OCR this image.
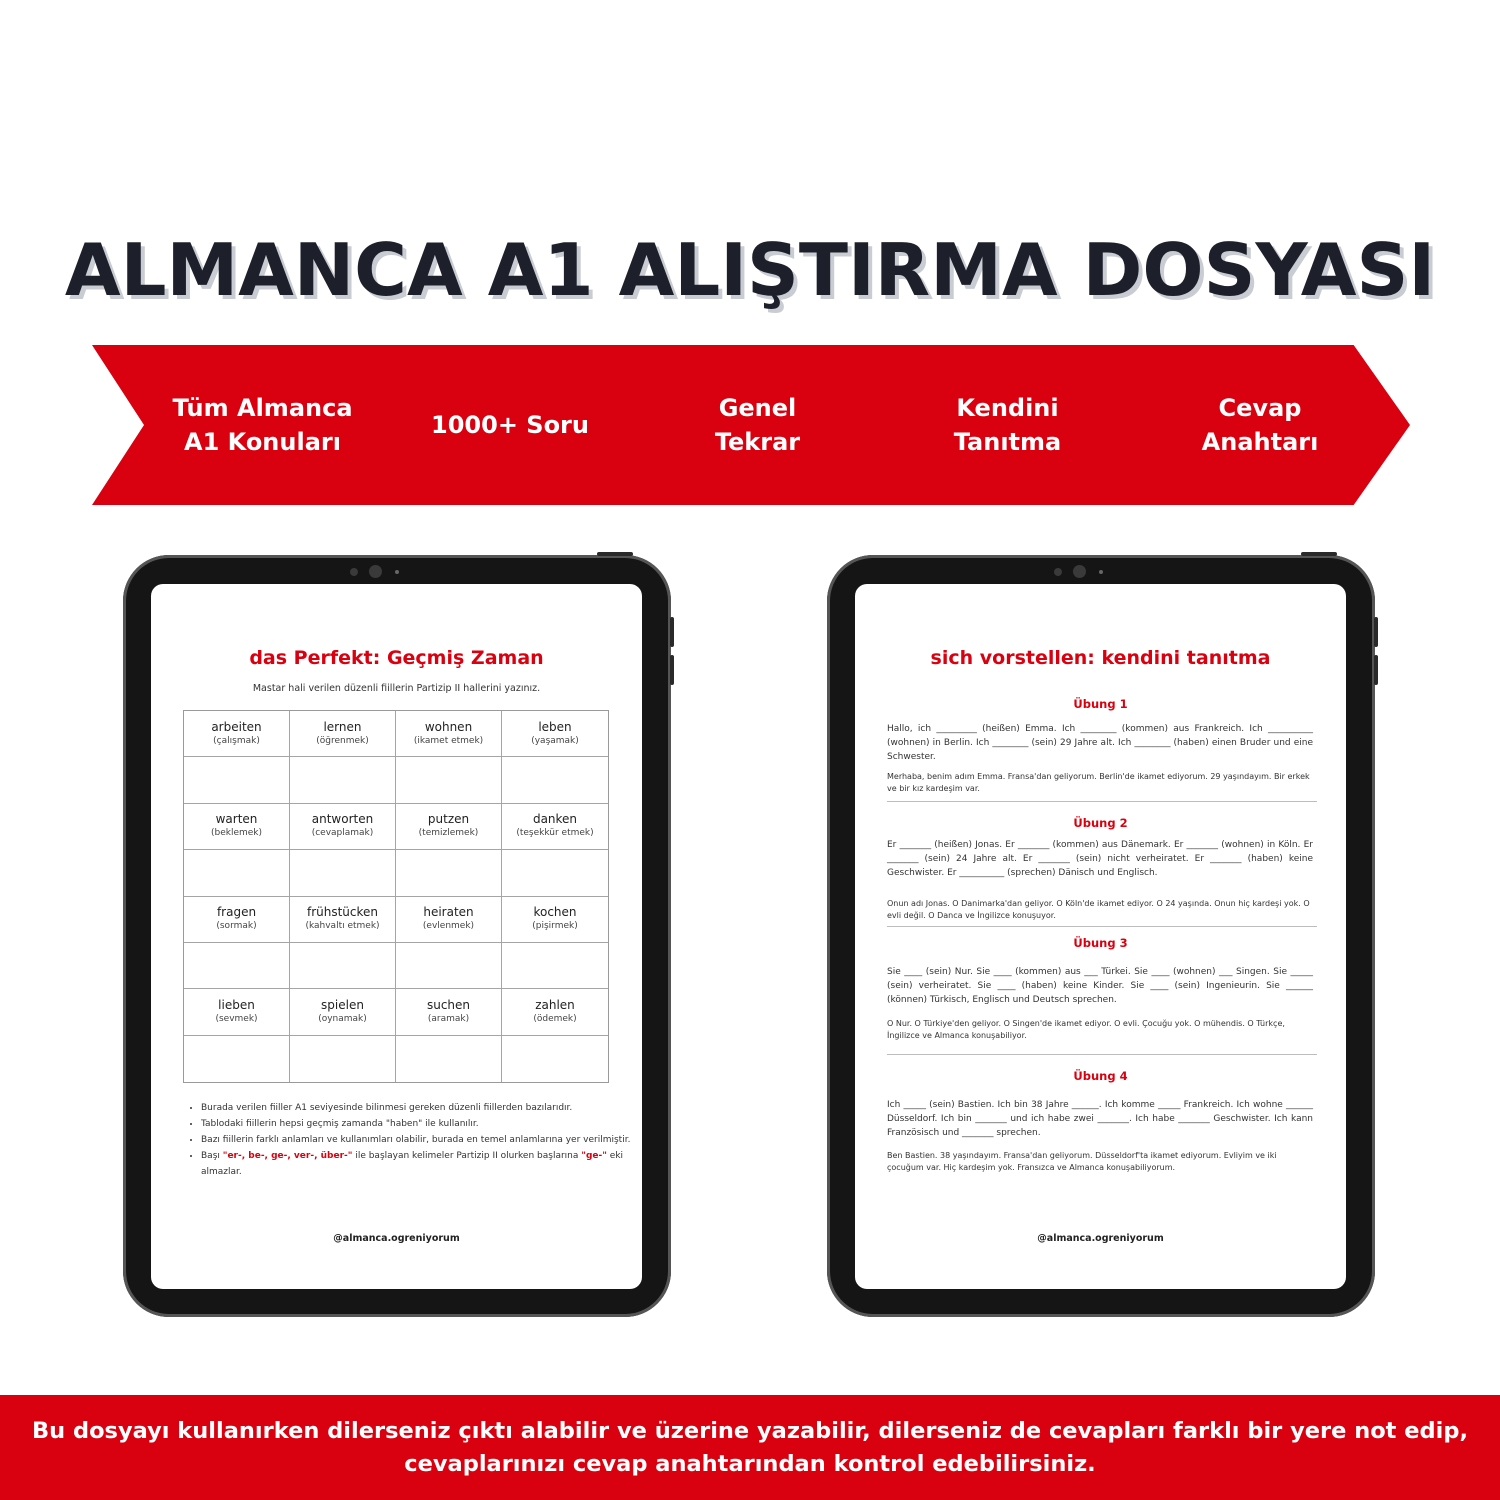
ALMANCA A1 ALIŞTIRMA DOSYASI
Tüm Almanca
A1 Konuları
1000+ Soru
Genel
Tekrar
Kendini
Tanıtma
Cevap
Anahtarı
das Perfekt: Geçmiş Zaman
Mastar hali verilen düzenli fiillerin Partizip II hallerini yazınız.
arbeiten
(çalışmak)
lernen
(öğrenmek)
wohnen
(ikamet etmek)
leben
(yaşamak)
warten
(beklemek)
antworten
(cevaplamak)
putzen
(temizlemek)
danken
(teşekkür etmek)
fragen
(sormak)
frühstücken
(kahvaltı etmek)
heiraten
(evlenmek)
kochen
(pişirmek)
lieben
(sevmek)
spielen
(oynamak)
suchen
(aramak)
zahlen
(ödemek)
• Burada verilen fiiller A1 seviyesinde bilinmesi gereken düzenli fiillerden bazılarıdır.
• Tablodaki fiillerin hepsi geçmiş zamanda "haben" ile kullanılır.
• Bazı fiillerin farklı anlamları ve kullanımları olabilir, burada en temel anlamlarına yer verilmiştir.
• Başı "er-, be-, ge-, ver-, über-" ile başlayan kelimeler Partizip II olurken başlarına "ge-" eki almazlar.
@almanca.ogreniyorum
sich vorstellen: kendini tanıtma
Übung 1
Hallo, ich _________ (heißen) Emma. Ich ________ (kommen) aus Frankreich. Ich __________ (wohnen) in Berlin. Ich ________ (sein) 29 Jahre alt. Ich ________ (haben) einen Bruder und eine Schwester.
Merhaba, benim adım Emma. Fransa'dan geliyorum. Berlin'de ikamet ediyorum. 29 yaşındayım. Bir erkek ve bir kız kardeşim var.
Übung 2
Er _______ (heißen) Jonas. Er _______ (kommen) aus Dänemark. Er _______ (wohnen) in Köln. Er _______ (sein) 24 Jahre alt. Er _______ (sein) nicht verheiratet. Er _______ (haben) keine Geschwister. Er __________ (sprechen) Dänisch und Englisch.
Onun adı Jonas. O Danimarka'dan geliyor. O Köln'de ikamet ediyor. O 24 yaşında. Onun hiç kardeşi yok. O evli değil. O Danca ve İngilizce konuşuyor.
Übung 3
Sie ____ (sein) Nur. Sie ____ (kommen) aus ___ Türkei. Sie ____ (wohnen) ___ Singen. Sie _____ (sein) verheiratet. Sie ____ (haben) keine Kinder. Sie ____ (sein) Ingenieurin. Sie ______ (können) Türkisch, Englisch und Deutsch sprechen.
O Nur. O Türkiye'den geliyor. O Singen'de ikamet ediyor. O evli. Çocuğu yok. O mühendis. O Türkçe, İngilizce ve Almanca konuşabiliyor.
Übung 4
Ich _____ (sein) Bastien. Ich bin 38 Jahre ______. Ich komme _____ Frankreich. Ich wohne ______ Düsseldorf. Ich bin _______ und ich habe zwei _______. Ich habe _______ Geschwister. Ich kann Französisch und _______ sprechen.
Ben Bastien. 38 yaşındayım. Fransa'dan geliyorum. Düsseldorf'ta ikamet ediyorum. Evliyim ve iki çocuğum var. Hiç kardeşim yok. Fransızca ve Almanca konuşabiliyorum.
@almanca.ogreniyorum
Bu dosyayı kullanırken dilerseniz çıktı alabilir ve üzerine yazabilir, dilerseniz de cevapları farklı bir yere not edip,
cevaplarınızı cevap anahtarından kontrol edebilirsiniz.
